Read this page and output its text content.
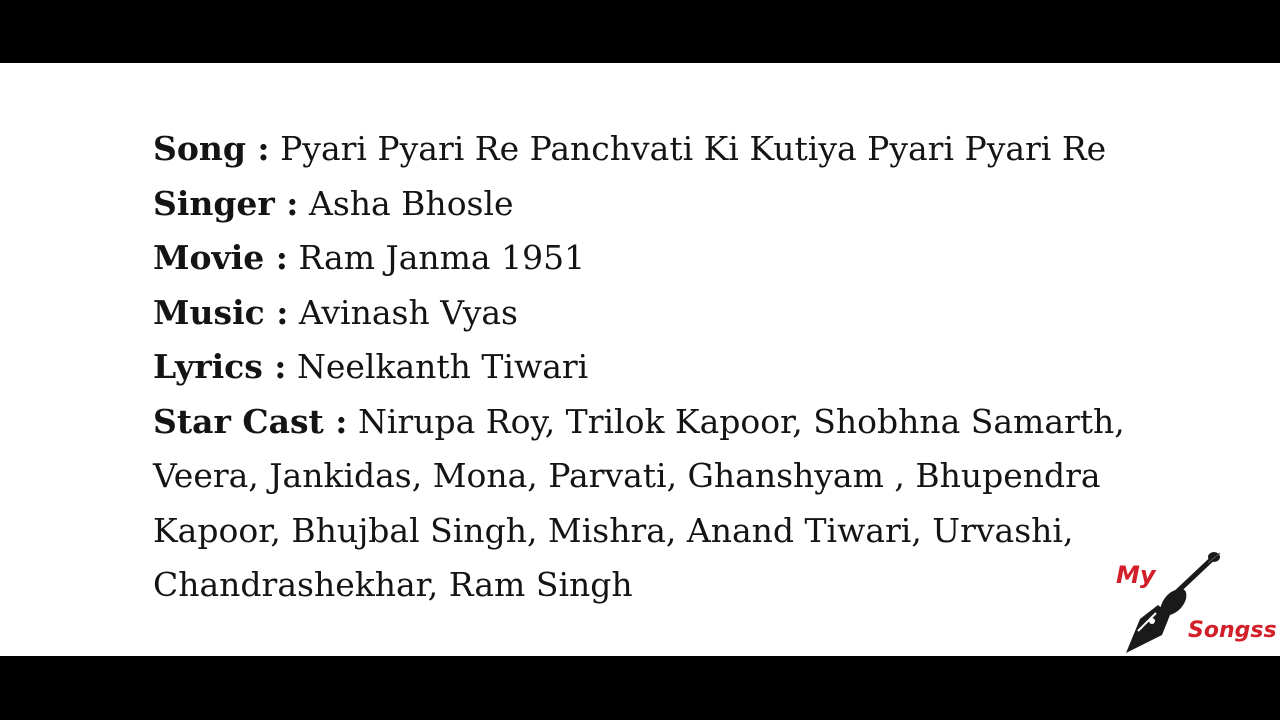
Song : Pyari Pyari Re Panchvati Ki Kutiya Pyari Pyari Re
Singer : Asha Bhosle
Movie : Ram Janma 1951
Music : Avinash Vyas
Lyrics : Neelkanth Tiwari
Star Cast : Nirupa Roy, Trilok Kapoor, Shobhna Samarth, Veera, Jankidas, Mona, Parvati, Ghanshyam , Bhupendra Kapoor, Bhujbal Singh, Mishra, Anand Tiwari, Urvashi, Chandrashekhar, Ram Singh	My
Songss
